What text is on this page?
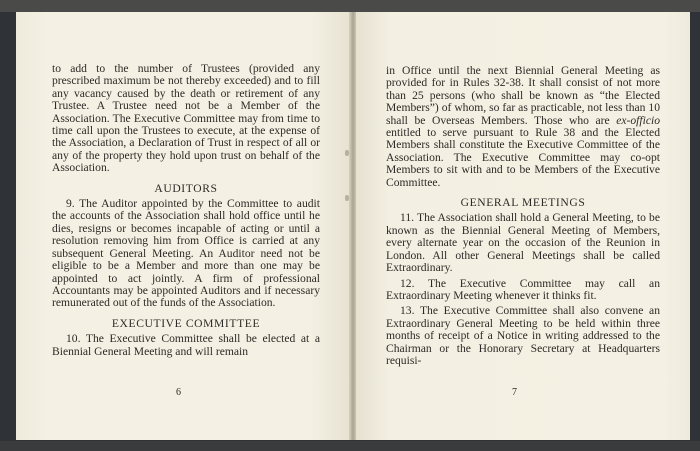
to add to the number of Trustees (provided any prescribed maximum be not thereby exceeded) and to fill any vacancy caused by the death or retirement of any Trustee. A Trustee need not be a Member of the Association. The Executive Committee may from time to time call upon the Trustees to execute, at the expense of the Association, a Declaration of Trust in respect of all or any of the property they hold upon trust on behalf of the Association.

AUDITORS

9. The Auditor appointed by the Committee to audit the accounts of the Association shall hold office until he dies, resigns or becomes incapable of acting or until a resolution removing him from Office is carried at any subsequent General Meeting. An Auditor need not be eligible to be a Member and more than one may be appointed to act jointly. A firm of professional Accountants may be appointed Auditors and if necessary remunerated out of the funds of the Association.

EXECUTIVE COMMITTEE

10. The Executive Committee shall be elected at a Biennial General Meeting and will remain

6

in Office until the next Biennial General Meeting as provided for in Rules 32-38. It shall consist of not more than 25 persons (who shall be known as “the Elected Members”) of whom, so far as practicable, not less than 10 shall be Overseas Members. Those who are ex-officio entitled to serve pursuant to Rule 38 and the Elected Members shall constitute the Executive Committee of the Association. The Executive Committee may co-opt Members to sit with and to be Members of the Executive Committee.

GENERAL MEETINGS

11. The Association shall hold a General Meeting, to be known as the Biennial General Meeting of Members, every alternate year on the occasion of the Reunion in London. All other General Meetings shall be called Extraordinary.

12. The Executive Committee may call an Extraordinary Meeting whenever it thinks fit.

13. The Executive Committee shall also convene an Extraordinary General Meeting to be held within three months of receipt of a Notice in writing addressed to the Chairman or the Honorary Secretary at Headquarters requisi-

7
